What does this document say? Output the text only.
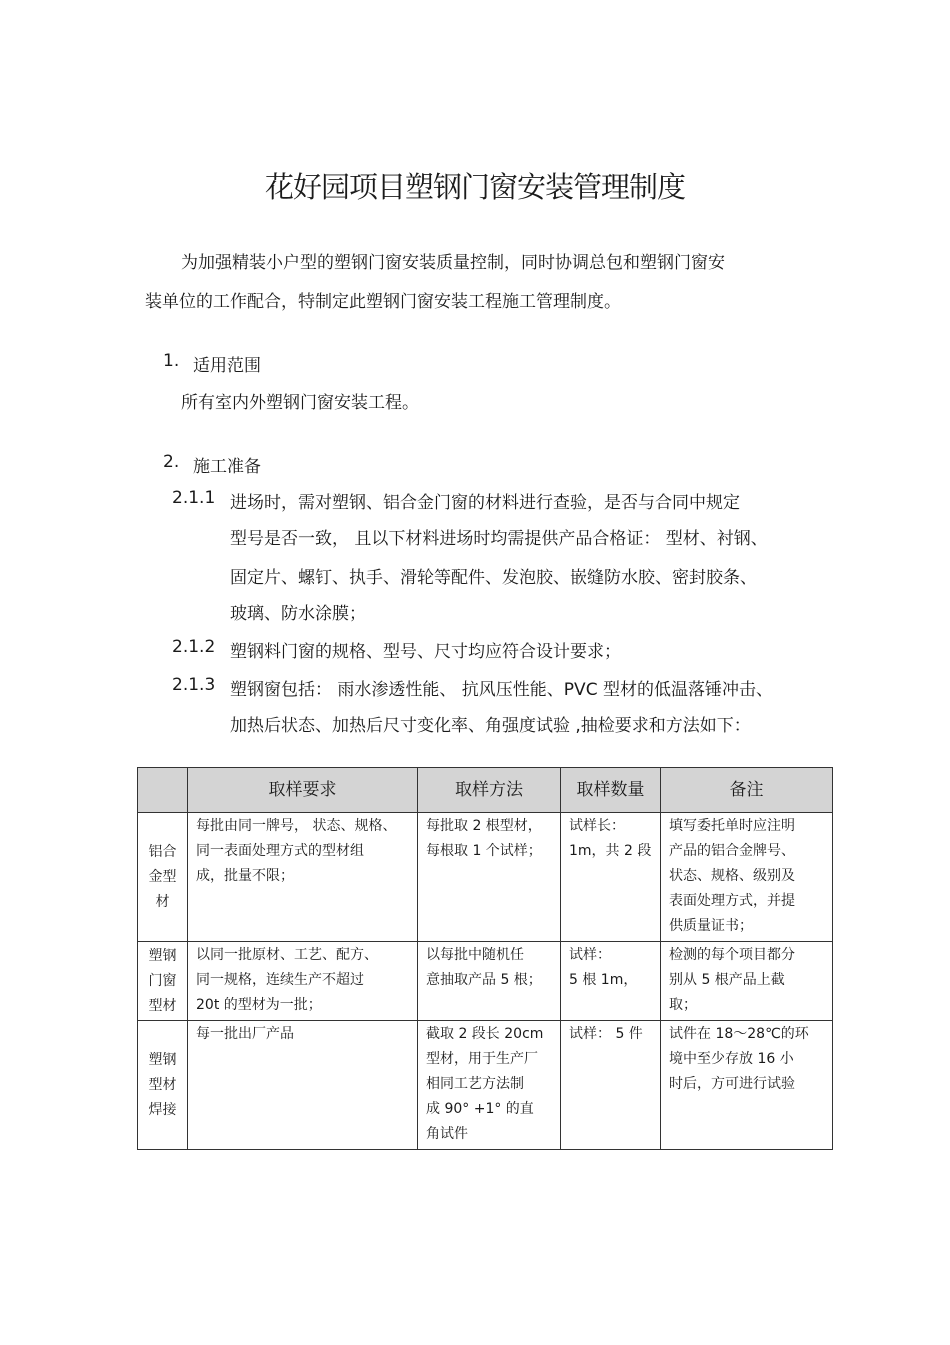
花好园项目塑钢门窗安装管理制度
为加强精装小户型的塑钢门窗安装质量控制，同时协调总包和塑钢门窗安
装单位的工作配合，特制定此塑钢门窗安装工程施工管理制度。
1. 适用范围
所有室内外塑钢门窗安装工程。
2. 施工准备
2.1.1 进场时，需对塑钢、铝合金门窗的材料进行查验，是否与合同中规定
型号是否一致， 且以下材料进场时均需提供产品合格证： 型材、衬钢、
固定片、螺钉、执手、滑轮等配件、发泡胶、嵌缝防水胶、密封胶条、
玻璃、防水涂膜；
2.1.2 塑钢料门窗的规格、型号、尺寸均应符合设计要求；
2.1.3 塑钢窗包括： 雨水渗透性能、 抗风压性能、PVC 型材的低温落锤冲击、
加热后状态、加热后尺寸变化率、角强度试验 ,抽检要求和方法如下：
	取样要求	取样方法	取样数量	备注
铝合
金型
材	每批由同一牌号， 状态、规格、
同一表面处理方式的型材组
成，批量不限；	每批取 2 根型材，
每根取 1 个试样；	试样长：
1m，共 2 段	填写委托单时应注明
产品的铝合金牌号、
状态、规格、级别及
表面处理方式，并提
供质量证书；
塑钢
门窗
型材	以同一批原材、工艺、配方、
同一规格，连续生产不超过
20t 的型材为一批；	以每批中随机任
意抽取产品 5 根；	试样：
5 根 1m，	检测的每个项目都分
别从 5 根产品上截
取；
塑钢
型材
焊接	每一批出厂产品	截取 2 段长 20cm
型材，用于生产厂
相同工艺方法制
成 90° +1° 的直
角试件	试样： 5 件	试件在 18～28℃的环
境中至少存放 16 小
时后，方可进行试验
